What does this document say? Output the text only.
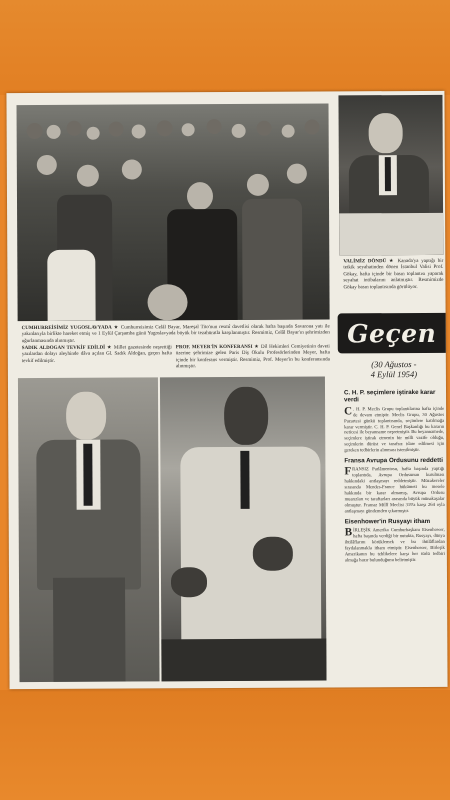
CUMHURREİSİMİZ YUGOSLAVYADA ★ Cumhurreisimiz Celâl Bayar, Mareşal Tito'nun resmî davetlisi olarak hafta başında Savarona yatı ile yakınlarıyla birlikte hareket etmiş ve 1 Eylül Çarşamba günü Yugoslavyada büyük bir tezahüratla karşılanmıştır. Resmimiz, Celâl Bayar'ın şehrimizden uğurlanmasında alınmıştır.

SADIK ALDOGAN TEVKİF EDİLDİ ★ Millet gazetesinde neşrettiği yazılardan dolayı aleyhinde dâva açılan Gl. Sadık Aldoğan, geçen hafta tevkif edilmiştir.

PROF. MEYER'İN KONFERANSI ★ Dil Hekimleri Cemiyetinin daveti üzerine şehrimize gelen Paris Diş Okulu Profesörlerinden Meyer, hafta içinde bir konferans vermiştir. Resmimiz, Prof. Meyer'in bu konferansında alınmıştır.

VALİMİZ DÖNDÜ ★ Kanada'ya yaptığı bir tetkik seyahatinden dönen İstanbul Valisi Prof. Gökay, hafta içinde bir basın toplantısı yaparak seyahat intibalarını anlatmıştır. Resmimizde Gökay basın toplantısında görülüyor.

Geçen
(30 Ağustos -
4 Eylül 1954)
C. H. P. seçimlere iştirake karar verdi

C . H. P. Meclis Grupu toplantılarına hafta içinde de devam etmiştir. Meclis Grupu, 30 Ağustos Pazartesi günkü toplantısında, seçimlere katılmağa karar vermiştir. C. H. P. Genel Başkanlığı bu kararın neticesi ile beyanname neşretmiştir. Bu beyannamede, seçimlere iştirak etmenin bir milli vazife olduğu, seçimlerin dürüst ve tarafsız idare edilmesi için gereken tedbirlerin alınması istenilmiştir.

Fransa Avrupa Ordusunu reddetti

FRANSIZ Parlâmentosu, hafta başında yaptığı toplantıda, Avrupa Ordusunun kurulması hakkındaki antlaşmayı reddetmiştir. Müzakereler sırasında Mendes-France hükümeti bu mesele hakkında bir karar almamış, Avrupa Ordusu muarızları ve taraftarları arasında büyük münakaşalar olmuştur. Fransız Millî Meclisi 319'a karşı 264 oyla antlaşmayı gündemden çıkarmıştır.

Eisenhower'in Rusyayı itham

BİRLEŞİK Amerika Cumhurbaşkanı Eisenhower, hafta başında verdiği bir nutukta, Rusyayı, dünya ihtilâflarını körüklemek ve bu ihtilâflardan faydalanmakla itham etmiştir. Eisenhower, Birleşik Amerikanın bu tehlikelere karşı her türlü tedbiri almağa hazır bulunduğunu belirtmiştir.
